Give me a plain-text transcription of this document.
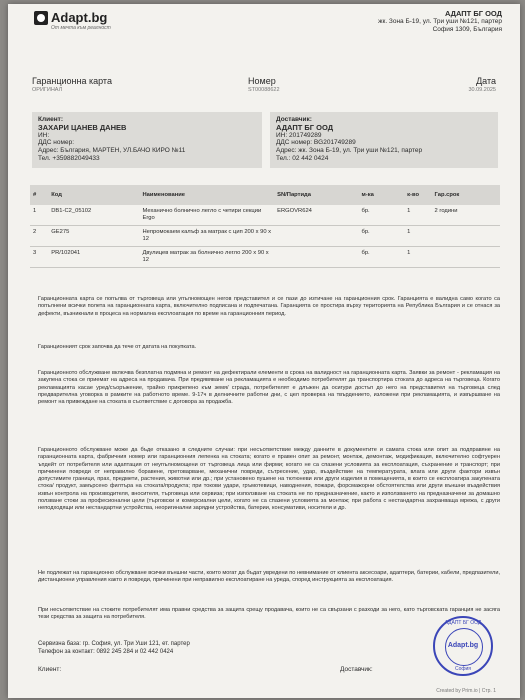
Adapt.bg
От мечта към реалност
АДАПТ БГ ООД
жк. Зона Б-19, ул. Три уши №121, партер
София 1309, България
Гаранционна карта
ОРИГИНАЛ
Номер
ST00088622
Дата
30.09.2025
Клиент:
ЗАХАРИ ЦАНЕВ ДАНЕВ
ИН:
ДДС номер:
Адрес: България, МАРТЕН, УЛ.БАЧО КИРО №11
Тел. +359882049433
Доставчик:
АДАПТ БГ ООД
ИН: 201749289
ДДС номер: BG201749289
Адрес: жк. Зона Б-19, ул. Три уши №121, партер
Тел.: 02 442 0424
#	Код	Наименование	SN/Партида	м-ка	к-во	Гар.срок
1	DB1-C2_05102	Механично болнично легло с четири секции Ergo	ERGOVR624	бр.	1	2 години
2	GE275	Непромокаем калъф за матрак с цип 200 х 90 х 12		бр.	1	
3	PR/102041	Двулицев матрак за болнично легло 200 х 90 х 12		бр.	1	
Гаранционната карта се попълва от търговеца или упълномощен негов представител и се пази до изтичане на гаранционния срок. Гаранцията е валидна само когато са попълнени всички полета на гаранционната карта, включително подписана и подпечатана. Гаранцията се простира върху територията на Република България и се отнася за дефекти, възникнали в процеса на нормална експлоатация по време на гаранционния период.
Гаранционният срок започва да тече от датата на покупката.
Гаранционното обслужване включва безплатна подмяна и ремонт на дефектирали елементи в срока на валидност на гаранционната карта. Заявки за ремонт - рекламация на закупена стока се приемат на адреса на продавача. При предявяване на рекламацията е необходимо потребителят да транспортира стоката до адреса на търговеца. Когато рекламацията касае уред/съоръжение, трайно прикрепено към земя/ сграда, потребителят е длъжен да осигури достъп до него на представител на търговеца след предварителна уговорка в рамките на работното време. 9-17ч в делничните работни дни, с цел проверка на твърдението, изложени при рекламацията, и извършване на ремонт на привеждане на стоката в съответствие с договора за продажба.
Гаранционното обслужване може да бъде отказано в следните случаи: при несъответствие между данните в документите и самата стока или опит за подправяне на гаранционната карта, фабричния номер или гаранционния лепенка на стоката; когато е правен опит за ремонт, монтаж, демонтаж, модификация, включително софтуерен ъпдейт от потребителя или адаптация от неупълномощени от търговеца лица или фирми; когато не са спазени условията за експлоатация, съхранение и транспорт; при причинени повреди от неправилно боравене, претоварване, механични повреди, сътресение, удар, въздействие на температурата, влага или други фактори извън допустимите граници, прах, предмети, растения, животни или др.; при установено пушене на тютюневи или други изделия в помещенията, в които се експлоатира закупената стока/ продукт, замърсено филтъра на стоката/продукта; при токови удари, гръмотевици, наводнения, пожари, форсмажорни обстоятелства или други външни въздействия извън контрола на производителя, вносителя, търговеца или сервиза; при използване на стоката не по предназначение, както и използването на предназначени за домашно ползване стоки за професионални цели (търговски и комерсиални цели, когато не са спазени условията за монтаж; при работа с нестандартна захранваща мрежа, с други неподходящи или нестандартни устройства, неоригинални зарядни устройства, батерии, консумативи, носители и др.
Не подлежат на гаранционно обслужване всички външни части, които могат да бъдат увредени по невнимание от клиента аксесоари, адаптери, батерии, кабели, предпазители, дистанционни управления както и повреди, причинени при неправилно експлоатиране на уреда, според инструкцията за експлоатация.
При несъответствие на стоките потребителят има правни средства за защита срещу продавача, които не са свързани с разходи за него, като търговската гаранция не засяга тези средства за защита на потребителя.
Сервизна база: гр. София, ул. Три Уши 121, ет. партер
Телефон за контакт: 0892 245 284 и 02 442 0424
Клиент:	Доставчик:
АДАПТ БГ ООД
Adapt.bg
София
Created by Prim.io | Стр. 1
